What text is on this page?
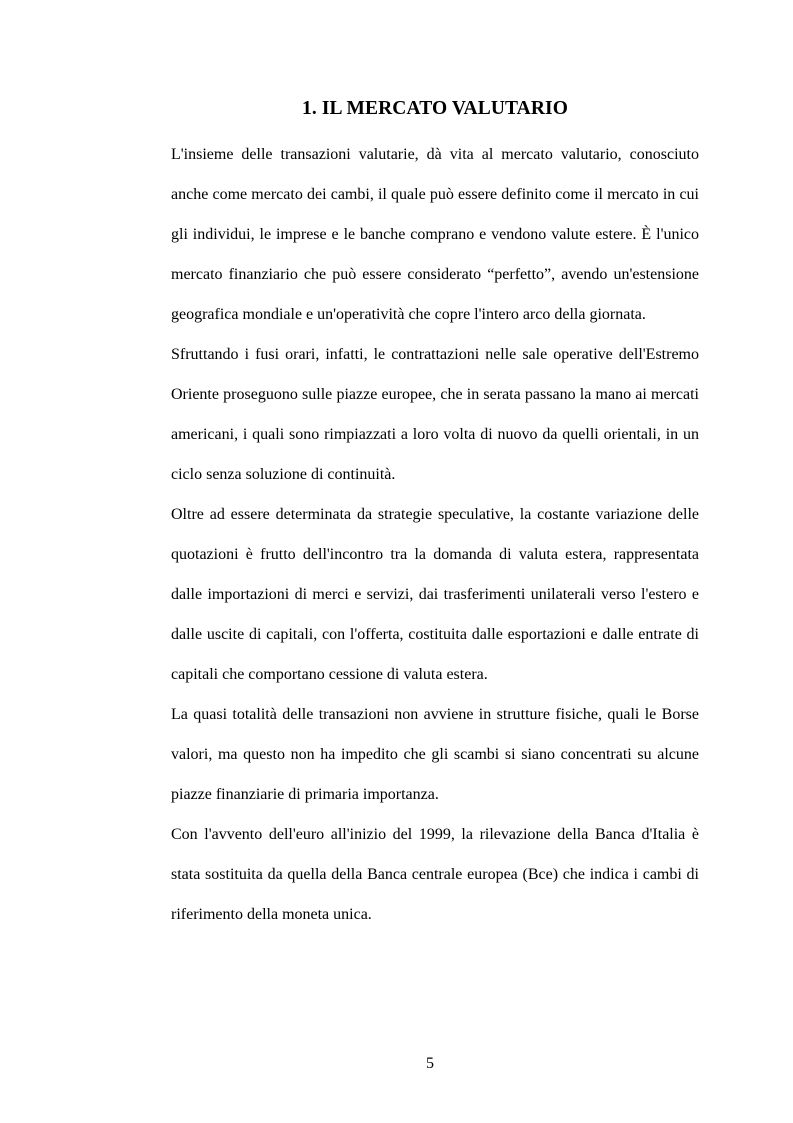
1. IL MERCATO VALUTARIO

L'insieme delle transazioni valutarie, dà vita al mercato valutario, conosciuto anche come mercato dei cambi, il quale può essere definito come il mercato in cui gli individui, le imprese e le banche comprano e vendono valute estere. È l'unico mercato finanziario che può essere considerato “perfetto”, avendo un'estensione geografica mondiale e un'operatività che copre l'intero arco della giornata.

Sfruttando i fusi orari, infatti, le contrattazioni nelle sale operative dell'Estremo Oriente proseguono sulle piazze europee, che in serata passano la mano ai mercati americani, i quali sono rimpiazzati a loro volta di nuovo da quelli orientali, in un ciclo senza soluzione di continuità.

Oltre ad essere determinata da strategie speculative, la costante variazione delle quotazioni è frutto dell'incontro tra la domanda di valuta estera, rappresentata dalle importazioni di merci e servizi, dai trasferimenti unilaterali verso l'estero e dalle uscite di capitali, con l'offerta, costituita dalle esportazioni e dalle entrate di capitali che comportano cessione di valuta estera.

La quasi totalità delle transazioni non avviene in strutture fisiche, quali le Borse valori, ma questo non ha impedito che gli scambi si siano concentrati su alcune piazze finanziarie di primaria importanza.

Con l'avvento dell'euro all'inizio del 1999, la rilevazione della Banca d'Italia è stata sostituita da quella della Banca centrale europea (Bce) che indica i cambi di riferimento della moneta unica.

5
